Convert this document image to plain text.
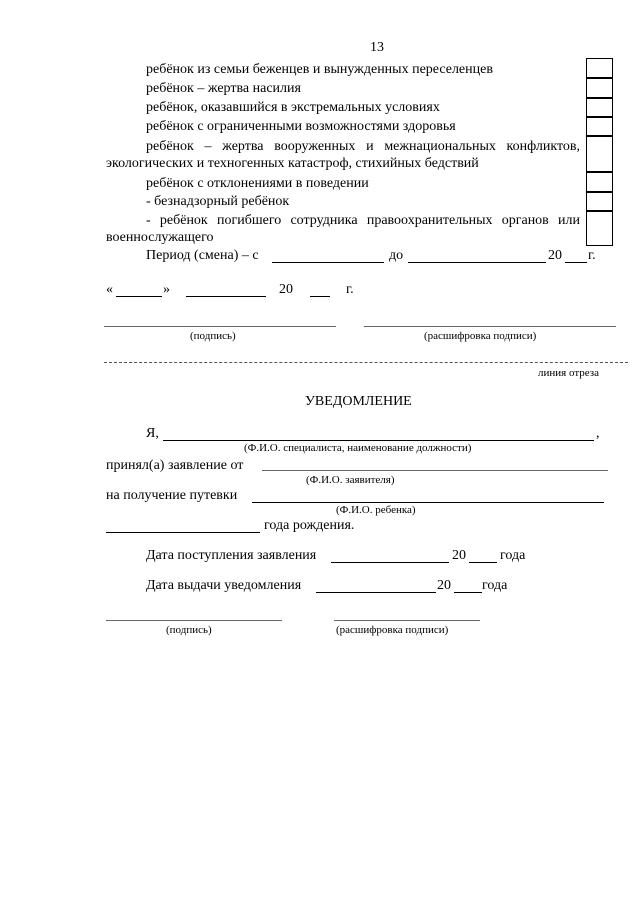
13
ребёнок из семьи беженцев и вынужденных переселенцев
ребёнок – жертва насилия
ребёнок, оказавшийся в экстремальных условиях
ребёнок с ограниченными возможностями здоровья
ребёнок – жертва вооруженных и межнациональных конфликтов,
экологических и техногенных катастроф, стихийных бедствий
ребёнок с отклонениями в поведении
- безнадзорный ребёнок
- ребёнок погибшего сотрудника правоохранительных органов или
военнослужащего
Период (смена) – с	до	20 г.
«	»	20	г.
(подпись)	(расшифровка подписи)
линия отреза
УВЕДОМЛЕНИЕ
Я,	,
(Ф.И.О. специалиста, наименование должности)
принял(а) заявление от
(Ф.И.О. заявителя)
на получение путевки
(Ф.И.О. ребенка)
года рождения.
Дата поступления заявления	20 года
Дата выдачи уведомления	20 года
(подпись)	(расшифровка подписи)
